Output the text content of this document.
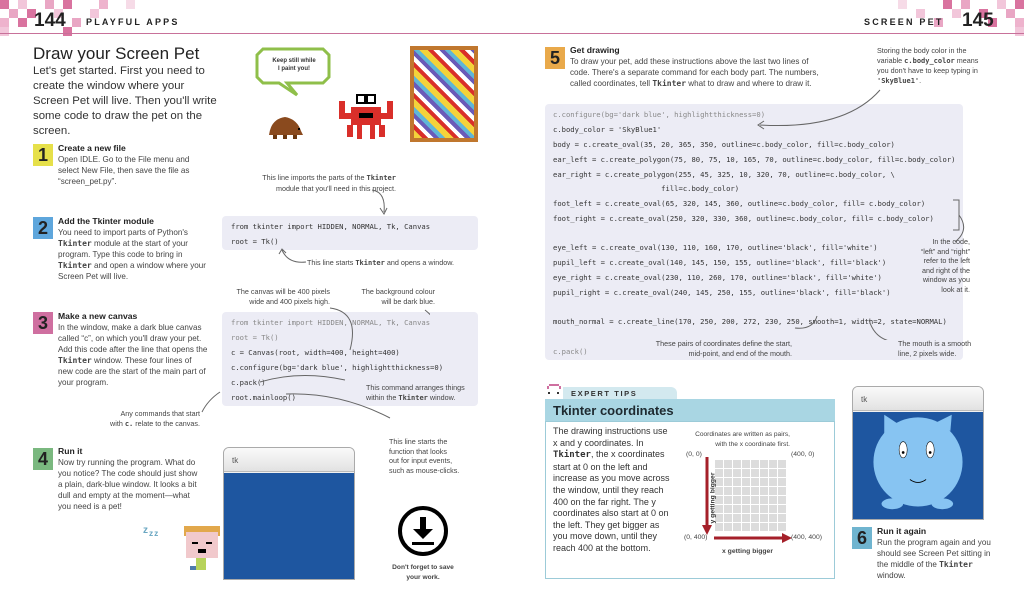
144 PLAYFUL APPS	SCREEN PET 145
Draw your Screen Pet

Let's get started. First you need to create the window where your Screen Pet will live. Then you'll write some code to draw the pet on the screen.

Keep still while
I paint you!
1	Create a new file
Open IDLE. Go to the File menu and select New File, then save the file as “screen_pet.py”.
2	Add the Tkinter module
You need to import parts of Python's Tkinter module at the start of your program. Type this code to bring in Tkinter and open a window where your Screen Pet will live.
3	Make a new canvas
In the window, make a dark blue canvas called “c”, on which you'll draw your pet. Add this code after the line that opens the Tkinter window. These four lines of new code are the start of the main part of your program.
Any commands that start
with c. relate to the canvas.
4	Run it
Now try running the program. What do you notice? The code should just show a plain, dark-blue window. It looks a bit dull and empty at the moment—what you need is a pet!
$z_{zz}$
This line imports the parts of the Tkinter
module that you'll need in this project.
from tkinter import HIDDEN, NORMAL, Tk, Canvas
root = Tk()
This line starts Tkinter and opens a window.
The canvas will be 400 pixels
wide and 400 pixels high.
The background colour
will be dark blue.
from tkinter import HIDDEN, NORMAL, Tk, Canvas
root = Tk()
c = Canvas(root, width=400, height=400)
c.configure(bg='dark blue', highlightthickness=0)
c.pack()
root.mainloop()
This command arranges things
within the Tkinter window.
This line starts the
function that looks
out for input events,
such as mouse-clicks.
tk
Don't forget to save
your work.
5	Get drawing
To draw your pet, add these instructions above the last two lines of code. There's a separate command for each body part. The numbers, called coordinates, tell Tkinter what to draw and where to draw it.
Storing the body color in the
variable c.body_color means
you don't have to keep typing in
'SkyBlue1'.
c.configure(bg='dark blue', highlightthickness=0)
c.body_color = 'SkyBlue1'
body = c.create_oval(35, 20, 365, 350, outline=c.body_color, fill=c.body_color)
ear_left = c.create_polygon(75, 80, 75, 10, 165, 70, outline=c.body_color, fill=c.body_color)
ear_right = c.create_polygon(255, 45, 325, 10, 320, 70, outline=c.body_color, \
fill=c.body_color)
foot_left = c.create_oval(65, 320, 145, 360, outline=c.body_color, fill= c.body_color)
foot_right = c.create_oval(250, 320, 330, 360, outline=c.body_color, fill= c.body_color)
eye_left = c.create_oval(130, 110, 160, 170, outline='black', fill='white')
pupil_left = c.create_oval(140, 145, 150, 155, outline='black', fill='black')
eye_right = c.create_oval(230, 110, 260, 170, outline='black', fill='white')
pupil_right = c.create_oval(240, 145, 250, 155, outline='black', fill='black')
mouth_normal = c.create_line(170, 250, 200, 272, 230, 250, smooth=1, width=2, state=NORMAL)
c.pack()
In the code,
“left” and “right”
refer to the left
and right of the
window as you
look at it.
These pairs of coordinates define the start,
mid-point, and end of the mouth.
The mouth is a smooth
line, 2 pixels wide.
EXPERT TIPS
Tkinter coordinates
The drawing instructions use x and y coordinates. In Tkinter, the x coordinates start at 0 on the left and increase as you move across the window, until they reach 400 on the far right. The y coordinates also start at 0 on the left. They get bigger as you move down, until they reach 400 at the bottom.
Coordinates are written as pairs,
with the x coordinate first.
(0, 0)	(400, 0)
y getting bigger
(0, 400)	(400, 400)
x getting bigger
tk
6	Run it again
Run the program again and you should see Screen Pet sitting in the middle of the Tkinter window.
